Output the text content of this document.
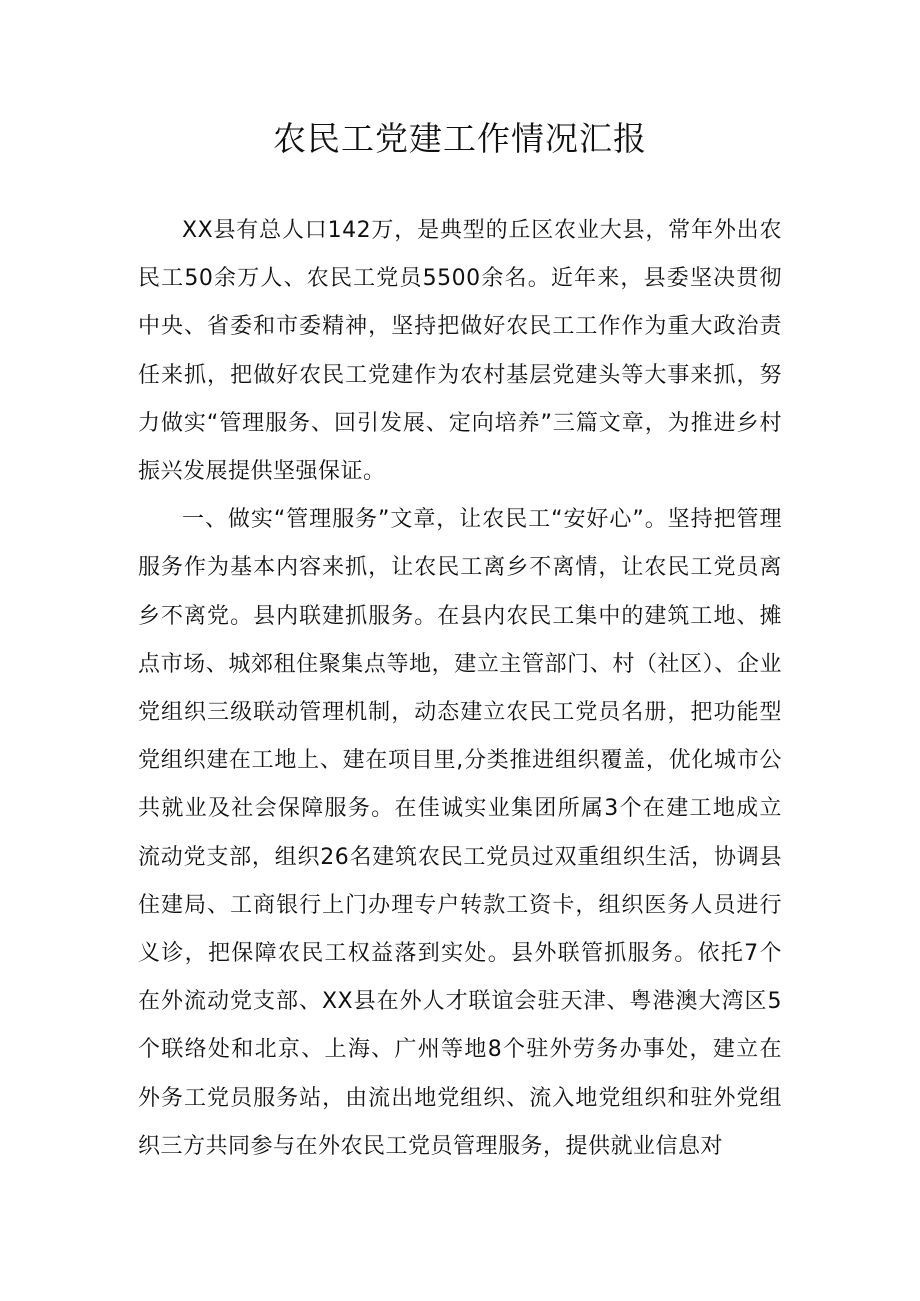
农民工党建工作情况汇报

XX县有总人口142万，是典型的丘区农业大县，常年外出农民工50余万人、农民工党员5500余名。近年来，县委坚决贯彻中央、省委和市委精神，坚持把做好农民工工作作为重大政治责任来抓，把做好农民工党建作为农村基层党建头等大事来抓，努力做实“管理服务、回引发展、定向培养”三篇文章，为推进乡村振兴发展提供坚强保证。

一、做实“管理服务”文章，让农民工“安好心”。坚持把管理服务作为基本内容来抓，让农民工离乡不离情，让农民工党员离乡不离党。县内联建抓服务。在县内农民工集中的建筑工地、摊点市场、城郊租住聚集点等地，建立主管部门、村（社区）、企业党组织三级联动管理机制，动态建立农民工党员名册，把功能型党组织建在工地上、建在项目里,分类推进组织覆盖，优化城市公共就业及社会保障服务。在佳诚实业集团所属3个在建工地成立流动党支部，组织26名建筑农民工党员过双重组织生活，协调县住建局、工商银行上门办理专户转款工资卡，组织医务人员进行义诊，把保障农民工权益落到实处。县外联管抓服务。依托7个在外流动党支部、XX县在外人才联谊会驻天津、粤港澳大湾区5个联络处和北京、上海、广州等地8个驻外劳务办事处，建立在外务工党员服务站，由流出地党组织、流入地党组织和驻外党组织三方共同参与在外农民工党员管理服务，提供就业信息对
